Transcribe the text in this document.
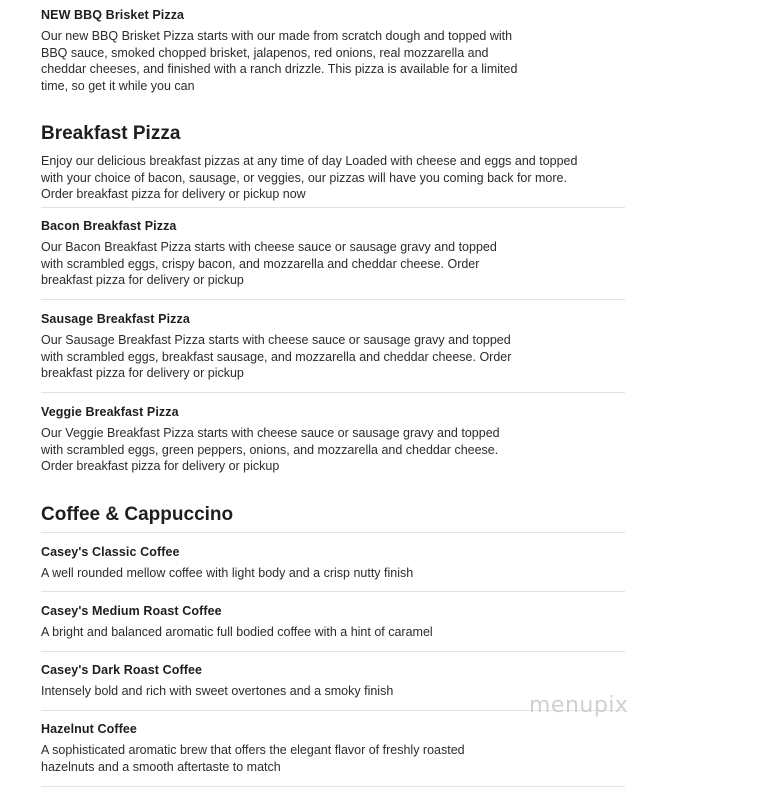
NEW BBQ Brisket Pizza

Our new BBQ Brisket Pizza starts with our made from scratch dough and topped with

BBQ sauce, smoked chopped brisket, jalapenos, red onions, real mozzarella and

cheddar cheeses, and finished with a ranch drizzle. This pizza is available for a limited

time, so get it while you can

Breakfast Pizza

Enjoy our delicious breakfast pizzas at any time of day Loaded with cheese and eggs and topped

with your choice of bacon, sausage, or veggies, our pizzas will have you coming back for more.

Order breakfast pizza for delivery or pickup now

Bacon Breakfast Pizza

Our Bacon Breakfast Pizza starts with cheese sauce or sausage gravy and topped

with scrambled eggs, crispy bacon, and mozzarella and cheddar cheese. Order

breakfast pizza for delivery or pickup

Sausage Breakfast Pizza

Our Sausage Breakfast Pizza starts with cheese sauce or sausage gravy and topped

with scrambled eggs, breakfast sausage, and mozzarella and cheddar cheese. Order

breakfast pizza for delivery or pickup

Veggie Breakfast Pizza

Our Veggie Breakfast Pizza starts with cheese sauce or sausage gravy and topped

with scrambled eggs, green peppers, onions, and mozzarella and cheddar cheese.

Order breakfast pizza for delivery or pickup

Coffee & Cappuccino

Casey's Classic Coffee

A well rounded mellow coffee with light body and a crisp nutty finish

Casey's Medium Roast Coffee

A bright and balanced aromatic full bodied coffee with a hint of caramel

Casey's Dark Roast Coffee

Intensely bold and rich with sweet overtones and a smoky finish

Hazelnut Coffee

A sophisticated aromatic brew that offers the elegant flavor of freshly roasted

hazelnuts and a smooth aftertaste to match

menupix
